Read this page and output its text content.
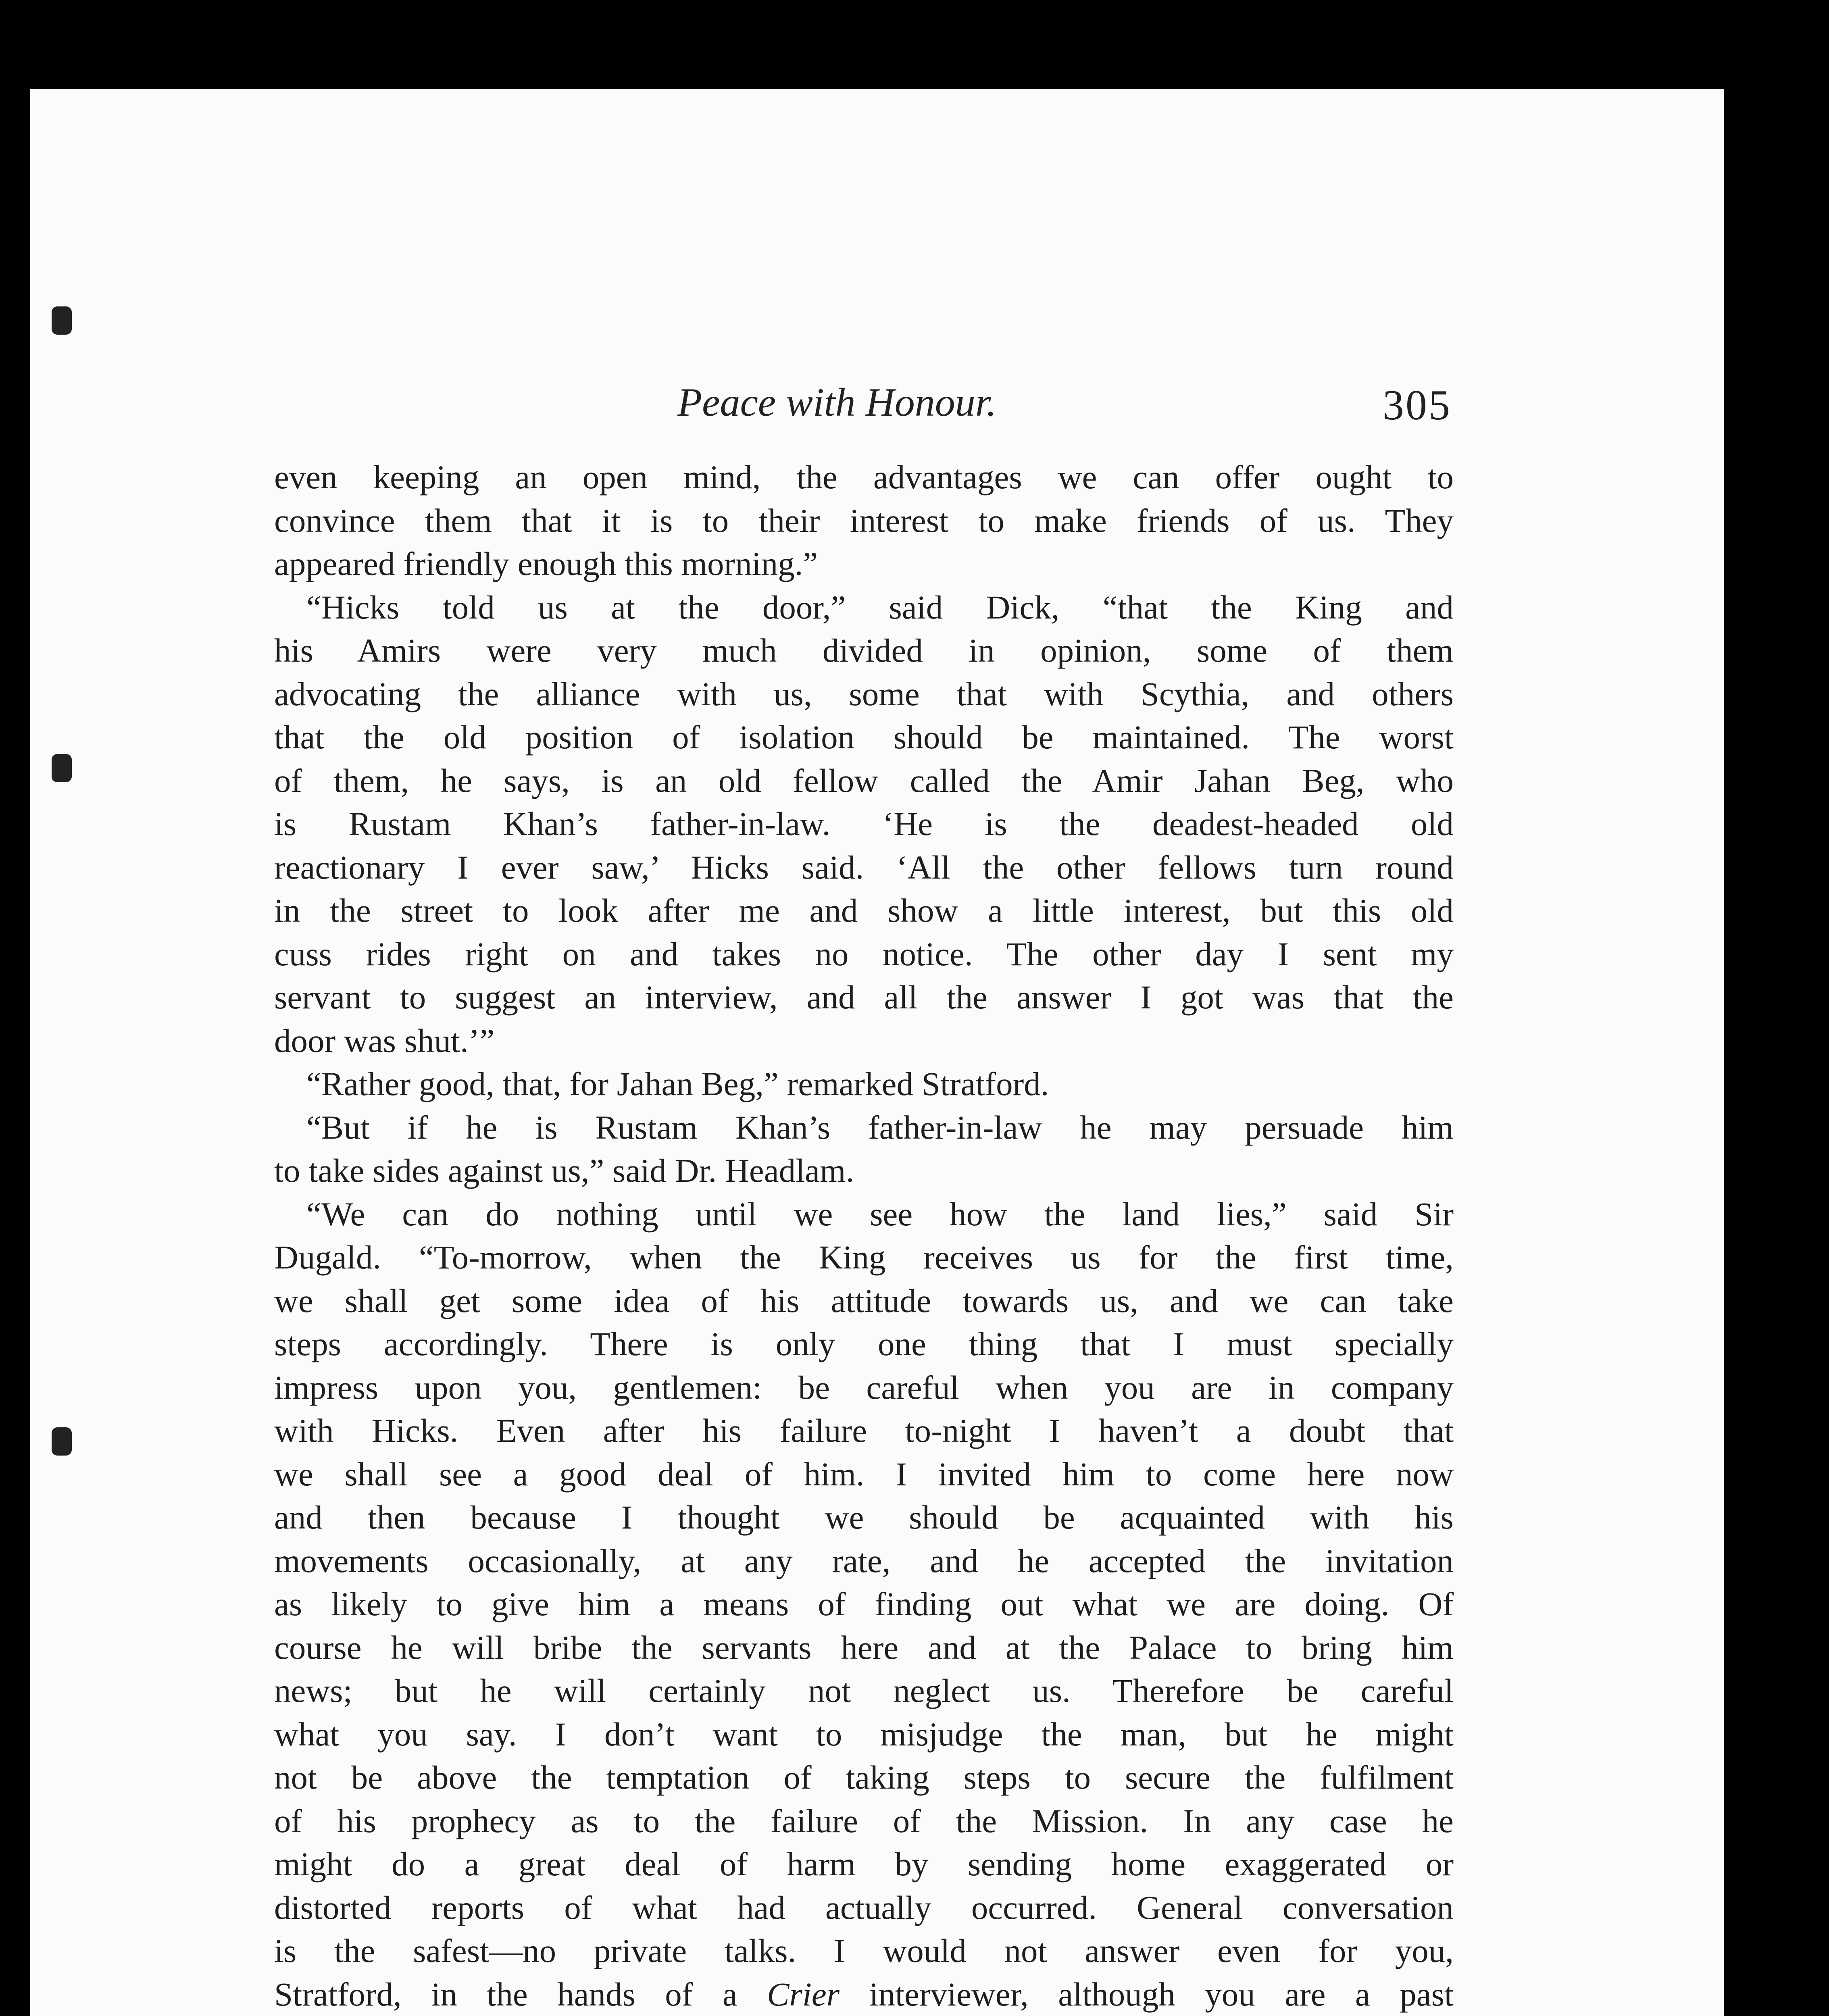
Peace with Honour.	305
even keeping an open mind, the advantages we can offer ought to
convince them that it is to their interest to make friends of us. They
appeared friendly enough this morning.”
“Hicks told us at the door,” said Dick, “that the King and
his Amirs were very much divided in opinion, some of them
advocating the alliance with us, some that with Scythia, and others
that the old position of isolation should be maintained. The worst
of them, he says, is an old fellow called the Amir Jahan Beg, who
is Rustam Khan’s father-in-law. ‘He is the deadest-headed old
reactionary I ever saw,’ Hicks said. ‘All the other fellows turn round
in the street to look after me and show a little interest, but this old
cuss rides right on and takes no notice. The other day I sent my
servant to suggest an interview, and all the answer I got was that the
door was shut.’”
“Rather good, that, for Jahan Beg,” remarked Stratford.
“But if he is Rustam Khan’s father-in-law he may persuade him
to take sides against us,” said Dr. Headlam.
“We can do nothing until we see how the land lies,” said Sir
Dugald. “To-morrow, when the King receives us for the first time,
we shall get some idea of his attitude towards us, and we can take
steps accordingly. There is only one thing that I must specially
impress upon you, gentlemen: be careful when you are in company
with Hicks. Even after his failure to-night I haven’t a doubt that
we shall see a good deal of him. I invited him to come here now
and then because I thought we should be acquainted with his
movements occasionally, at any rate, and he accepted the invitation
as likely to give him a means of finding out what we are doing. Of
course he will bribe the servants here and at the Palace to bring him
news; but he will certainly not neglect us. Therefore be careful
what you say. I don’t want to misjudge the man, but he might
not be above the temptation of taking steps to secure the fulfilment
of his prophecy as to the failure of the Mission. In any case he
might do a great deal of harm by sending home exaggerated or
distorted reports of what had actually occurred. General conversation
is the safest—no private talks. I would not answer even for you,
Stratford, in the hands of a Crier interviewer, although you are a past
